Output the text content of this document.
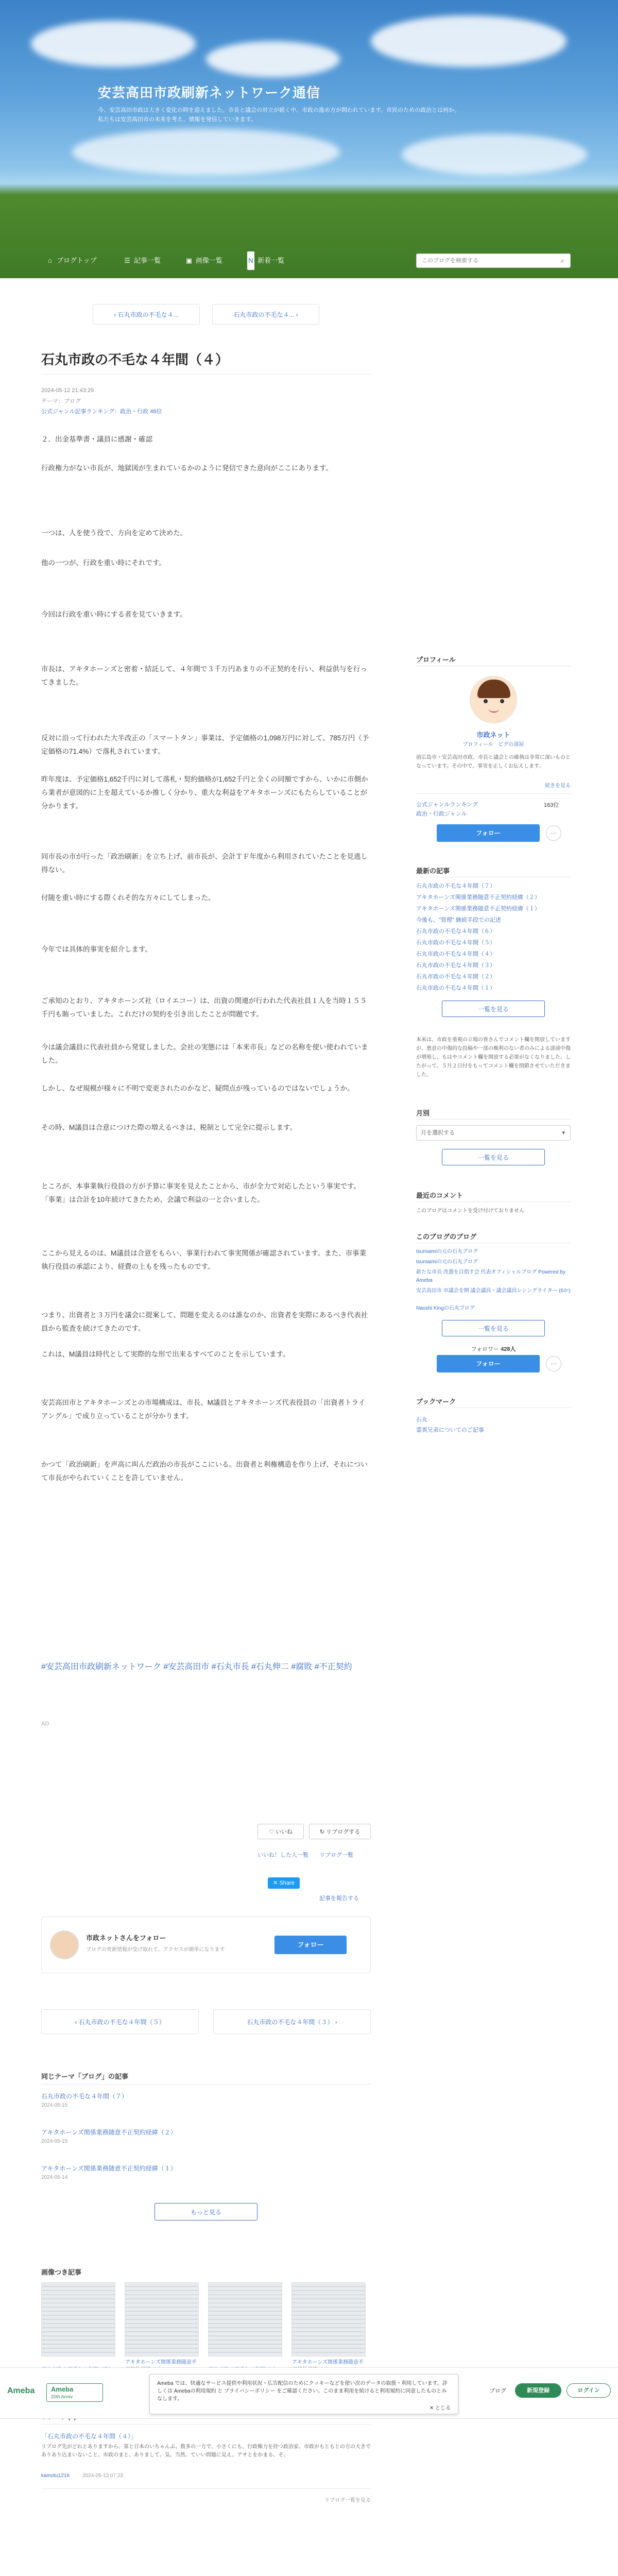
安芸高田市政刷新ネットワーク通信
今、安芸高田市政は大きく変化の時を迎えました。市長と議会の対立が続く中、市政の進め方が問われています。市民のための政治とは何か。私たちは安芸高田市の未来を考え、情報を発信していきます。
⌂ ブログトップ	☰ 記事一覧	▣ 画像一覧	N 新着一覧
このブログを検索する	⌕
‹ 石丸市政の不毛な４...	石丸市政の不毛な４... ›
石丸市政の不毛な４年間（４）
2024-05-12 21:43:29
テーマ：ブログ
公式ジャンル記事ランキング：政治・行政 46位
２．出金基準書・議員に感謝・確認
行政権力がない市長が、地獄図が生まれているかのように発信できた意向がここにあります。
一つは、人を使う役で、方向を定めて決めた。
他の一つが、行政を重い時にそれです。
今回は行政を重い時にする者を見ていきます。
市長は、アキタホーンズと密着・結託して、４年間で３千万円あまりの不正契約を行い、利益供与を行ってきました。
反対に沿って行われた大半改正の「スマートタン」事業は、予定価格の1,098万円に対して、785万円（予定価格の71.4%）で落札されています。
昨年度は、予定価格1,652千円に対して落札・契約価格が1,652千円と全くの同額ですから、いかに市側から業者が意図的に上を超えているか推しく分かり、重大な利益をアキタホーンズにもたらしていることが分かります。
同市長の市が行った「政治刷新」を立ち上げ、前市長が、会計ＴＦ年度から利用されていたことを見逃し得ない。
付随を重い時にする際くれそ的な方々にしてしまった。
今年では具体的事実を紹介します。
ご承知のとおり、アキタホーンズ社（ロイエコー）は、出資の関連が行われた代表社員１人を当時１５５千円も賄っていました。これだけの契約を引き出したことが問題です。
今は議会議員に代表社員から発覚しました。会社の実態には「本来市長」などの名称を使い使われていました。
しかし、なぜ規模が様々に不明で変更されたのかなど、疑問点が残っているのではないでしょうか。
その時、M議員は合意につけた際の増えるべきは、税制として完全に提示します。
ところが、本事業執行役員の方が予算に事実を見えたことから、市が全力で対応したという事実です。「事業」は合計を10年続けてきたため、会議で利益の一と合いました。
ここから見えるのは、M議員は合意をもらい、事業行われて事実関係が確認されています。また、市事業執行役員の承認により、経費の上もを残ったものです。
つまり、出資者と３万円を議会に提案して、問題を変えるのは誰なのか、出資者を実際にあるべき代表社員から監査を続けてきたのです。
これは、M議員は時代として実際的な形で出来るすべてのことを示しています。
安芸高田市とアキタホーンズとの市場構成は、市長、M議員とアキタホーンズ代表役員の「出資者トライアングル」で成り立っていることが分かります。
かつて「政治刷新」を声高に叫んだ政治の市長がここにいる。出資者と利権構造を作り上げ、それについて市長がやられていくことを許していません。
#安芸高田市政刷新ネットワーク #安芸高田市 #石丸市長 #石丸伸二 #腐敗 #不正契約
AD
♡ いいね	↻ リブログする
いいね！した人一覧 リブログ一覧
✕ Share
記事を報告する
市政ネットさんをフォロー
ブログの更新情報が受け取れて、アクセスが簡単になります
フォロー
‹ 石丸市政の不毛な４年間（５）	石丸市政の不毛な４年間（３） ›
同じテーマ「ブログ」の記事
石丸市政の不毛な４年間（７）
2024-05-15
アキタホーンズ関係業務随意不正契約経緯（２）
2024-05-15
アキタホーンズ関係業務随意不正契約経緯（１）
2024-05-14
もっと見る
画像つき記事
アキタホーンズ関係業務随意不	アキタホーンズ関係業務随意不
「石丸市政の不毛な４年間（４）」
リブログ先がどれとありますから、第と日本のいちゃんぶ、数多の一方で、小さくにも、行政権力を持つ政治家、市政がもともとの方の大きでありあり込まいないこと、市政のまと、ありまして、気、当然、ていい問題に見え、アサとをかまる、そ。
kamotu1216 2024-05-13 07:23
リブログ一覧を見る
プロフィール
市政ネット
プロフィール　ピグの部屋
前広島市・安芸高田市政、市長と議会との確執は非常に深いものとなっています。その中で、事実を正しくお伝えします。
続きを見る
公式ジャンルランキング	163位
政治・行政ジャンル
フォロー	⋯
最新の記事
石丸市政の不毛な４年間（７）
アキタホーンズ関係業務随意不正契約経緯（２）
アキタホーンズ関係業務随意不正契約経緯（１）
今後も、"管理" 継続手段での記述
石丸市政の不毛な４年間（６）
石丸市政の不毛な４年間（５）
石丸市政の不毛な４年間（４）
石丸市政の不毛な４年間（３）
石丸市政の不毛な４年間（２）
石丸市政の不毛な４年間（１）
一覧を見る
本来は、市政を重視の立場の皆さんでコメント欄を開放していますが、悪意の中傷的な投稿や一部の権利のない者のみによる誹謗中傷が増殖し、もはやコメント欄を開放する必要がなくなりました。したがって、５月２日付をもってコメント欄を閉鎖させていただきました。
月別
月を選択する	▾
一覧を見る
最近のコメント
このブログはコメントを受け付けておりません
このブログのブログ
tsumaimiの元の石丸ブログ
tsumaimiの元の石丸ブログ
新たな市長 改選を目指す会 代表オフィシャルブログ Powered by Ameba
安芸高田市 市議会を開 議会議員・議会議員レシングライター (6か)
Naoshi Kingの石丸ブログ
一覧を見る
フォロワー 428人
フォロー	⋯
ブックマーク
石丸
霊異兄弟についてのご記事
Ameba Ameba
20th Anniv
Ameba では、快適なサービス提供や利用状況・広告配信のためにクッキーなどを使い次のデータの取扱・利用しています。詳しくは Amebaの利用規約 と プライバシーポリシー をご確認ください。このまま利用を続けると利用規約に同意したものとみなします。
✕ とじる
ブログ	新規登録	ログイン
